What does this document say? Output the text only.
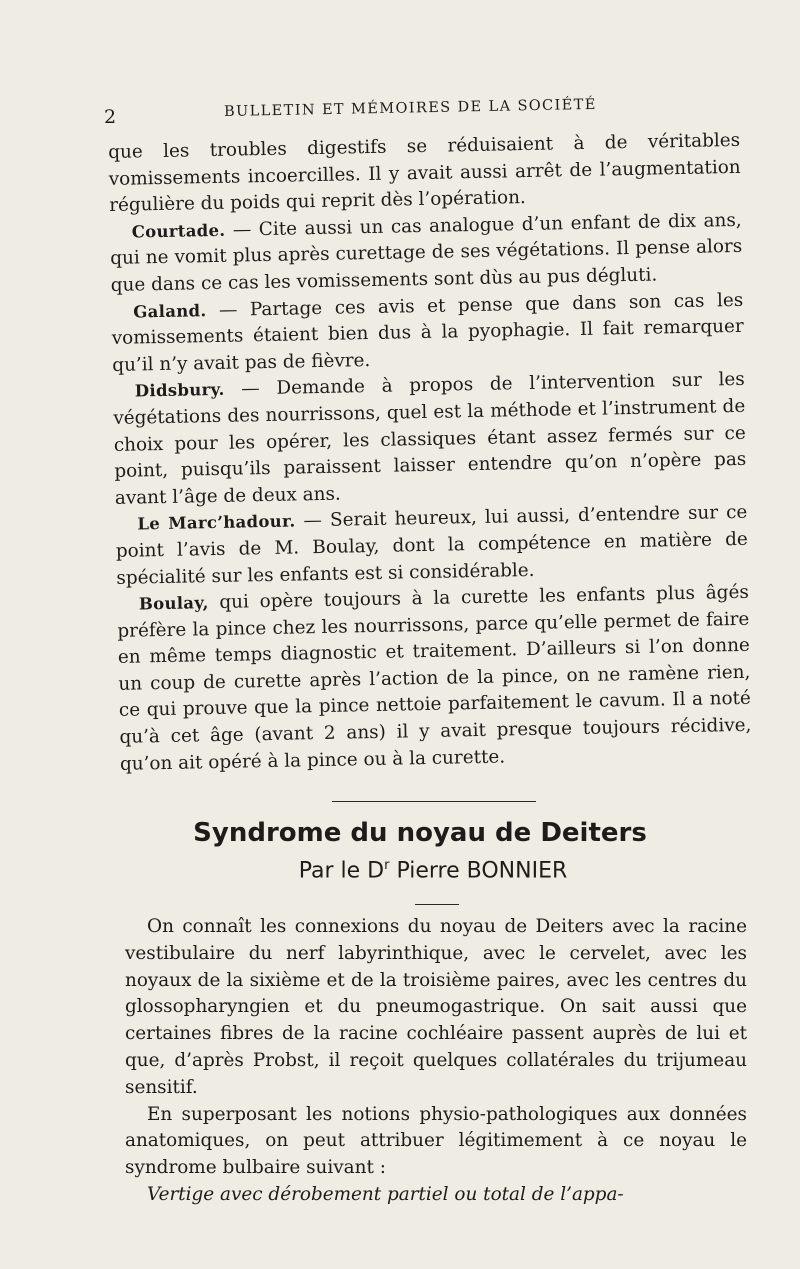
2	BULLETIN ET MÉMOIRES DE LA SOCIÉTÉ

que les troubles digestifs se réduisaient à de véritables vomissements incoercilles. Il y avait aussi arrêt de l’augmentation régulière du poids qui reprit dès l’opération.

Courtade. — Cite aussi un cas analogue d’un enfant de dix ans, qui ne vomit plus après curettage de ses végétations. Il pense alors que dans ce cas les vomissements sont dùs au pus dégluti.

Galand. — Partage ces avis et pense que dans son cas les vomissements étaient bien dus à la pyophagie. Il fait remarquer qu’il n’y avait pas de fièvre.

Didsbury. — Demande à propos de l’intervention sur les végétations des nourrissons, quel est la méthode et l’instrument de choix pour les opérer, les classiques étant assez fermés sur ce point, puisqu’ils paraissent laisser entendre qu’on n’opère pas avant l’âge de deux ans.

Le Marc’hadour. — Serait heureux, lui aussi, d’entendre sur ce point l’avis de M. Boulay, dont la compétence en matière de spécialité sur les enfants est si considérable.

Boulay, qui opère toujours à la curette les enfants plus âgés préfère la pince chez les nourrissons, parce qu’elle permet de faire en même temps diagnostic et traitement. D’ailleurs si l’on donne un coup de curette après l’action de la pince, on ne ramène rien, ce qui prouve que la pince nettoie parfaitement le cavum. Il a noté qu’à cet âge (avant 2 ans) il y avait presque toujours récidive, qu’on ait opéré à la pince ou à la curette.

Syndrome du noyau de Deiters
Par le $D^r$ Pierre BONNIER

On connaît les connexions du noyau de Deiters avec la racine vestibulaire du nerf labyrinthique, avec le cervelet, avec les noyaux de la sixième et de la troisième paires, avec les centres du glossopharyngien et du pneumogastrique. On sait aussi que certaines fibres de la racine cochléaire passent auprès de lui et que, d’après Probst, il reçoit quelques collatérales du trijumeau sensitif.

En superposant les notions physio-pathologiques aux données anatomiques, on peut attribuer légitimement à ce noyau le syndrome bulbaire suivant :

Vertige avec dérobement partiel ou total de l’appa-
